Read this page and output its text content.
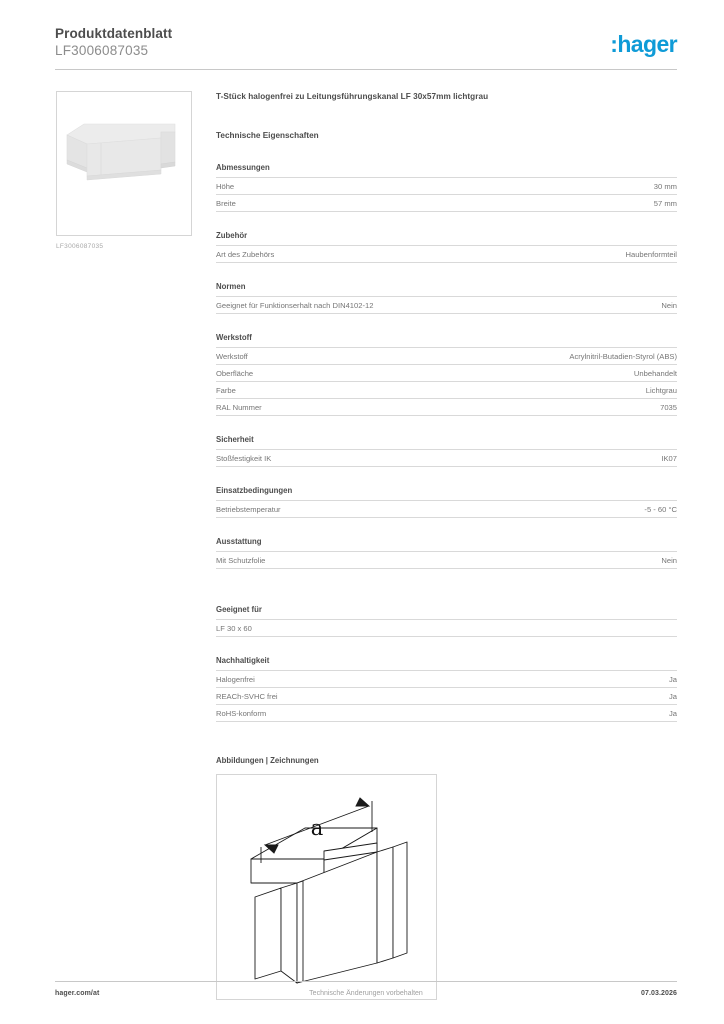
Produktdatenblatt
LF3006087035	:hager
LF3006087035
T-Stück halogenfrei zu Leitungsführungskanal LF 30x57mm lichtgrau
Technische Eigenschaften
Abmessungen
Höhe	30 mm
Breite	57 mm
Zubehör
Art des Zubehörs	Haubenformteil
Normen
Geeignet für Funktionserhalt nach DIN4102-12	Nein
Werkstoff
Werkstoff	Acrylnitril-Butadien-Styrol (ABS)
Oberfläche	Unbehandelt
Farbe	Lichtgrau
RAL Nummer	7035
Sicherheit
Stoßfestigkeit IK	IK07
Einsatzbedingungen
Betriebstemperatur	-5 - 60 °C
Ausstattung
Mit Schutzfolie	Nein
Geeignet für
LF 30 x 60
Nachhaltigkeit
Halogenfrei	Ja
REACh-SVHC frei	Ja
RoHS-konform	Ja
Abbildungen | Zeichnungen
a
hager.com/at	Technische Änderungen vorbehalten	07.03.2026
